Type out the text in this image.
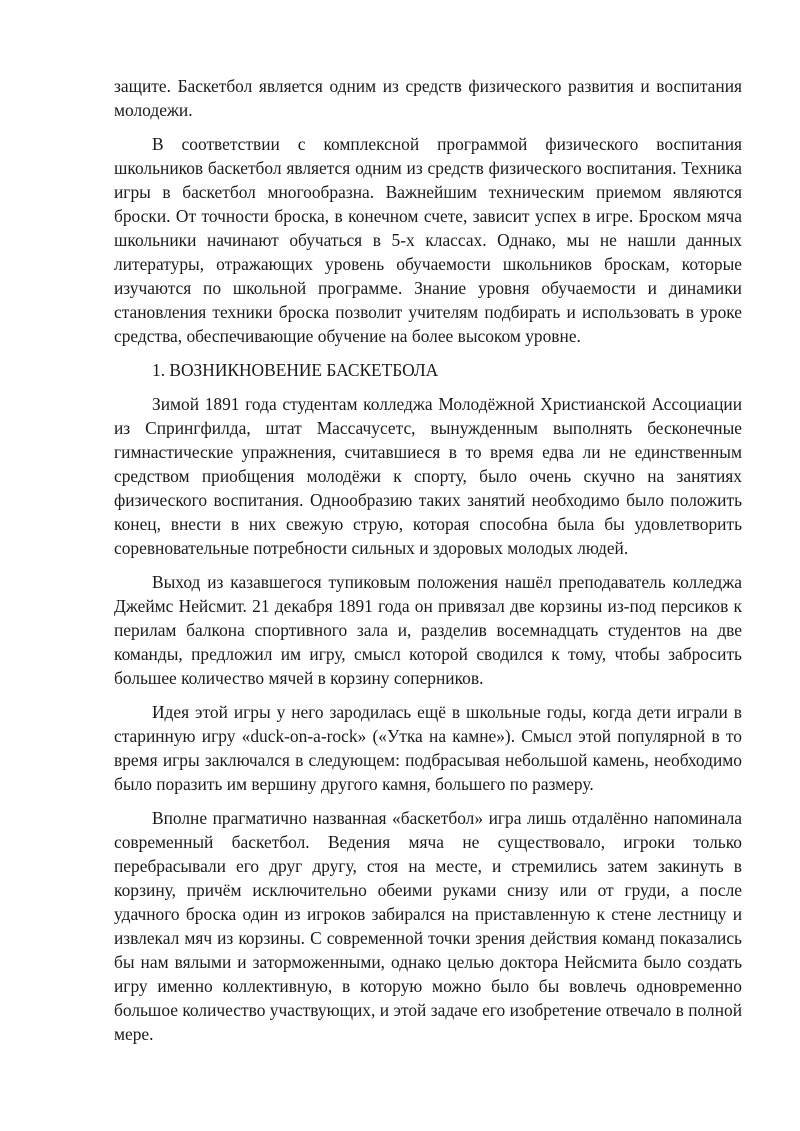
защите. Баскетбол является одним из средств физического развития и воспитания молодежи.

В соответствии с комплексной программой физического воспитания школьников баскетбол является одним из средств физического воспитания. Техника игры в баскетбол многообразна. Важнейшим техническим приемом являются броски. От точности броска, в конечном счете, зависит успех в игре. Броском мяча школьники начинают обучаться в 5-х классах. Однако, мы не нашли данных литературы, отражающих уровень обучаемости школьников броскам, которые изучаются по школьной программе. Знание уровня обучаемости и динамики становления техники броска позволит учителям подбирать и использовать в уроке средства, обеспечивающие обучение на более высоком уровне.

1. ВОЗНИКНОВЕНИЕ БАСКЕТБОЛА

Зимой 1891 года студентам колледжа Молодёжной Христианской Ассоциации из Спрингфилда, штат Массачусетс, вынужденным выполнять бесконечные гимнастические упражнения, считавшиеся в то время едва ли не единственным средством приобщения молодёжи к спорту, было очень скучно на занятиях физического воспитания. Однообразию таких занятий необходимо было положить конец, внести в них свежую струю, которая способна была бы удовлетворить соревновательные потребности сильных и здоровых молодых людей.

Выход из казавшегося тупиковым положения нашёл преподаватель колледжа Джеймс Нейсмит. 21 декабря 1891 года он привязал две корзины из-под персиков к перилам балкона спортивного зала и, разделив восемнадцать студентов на две команды, предложил им игру, смысл которой сводился к тому, чтобы забросить большее количество мячей в корзину соперников.

Идея этой игры у него зародилась ещё в школьные годы, когда дети играли в старинную игру «duck-on-a-rock» («Утка на камне»). Смысл этой популярной в то время игры заключался в следующем: подбрасывая небольшой камень, необходимо было поразить им вершину другого камня, большего по размеру.

Вполне прагматично названная «баскетбол» игра лишь отдалённо напоминала современный баскетбол. Ведения мяча не существовало, игроки только перебрасывали его друг другу, стоя на месте, и стремились затем закинуть в корзину, причём исключительно обеими руками снизу или от груди, а после удачного броска один из игроков забирался на приставленную к стене лестницу и извлекал мяч из корзины. С современной точки зрения действия команд показались бы нам вялыми и заторможенными, однако целью доктора Нейсмита было создать игру именно коллективную, в которую можно было бы вовлечь одновременно большое количество участвующих, и этой задаче его изобретение отвечало в полной мере.
